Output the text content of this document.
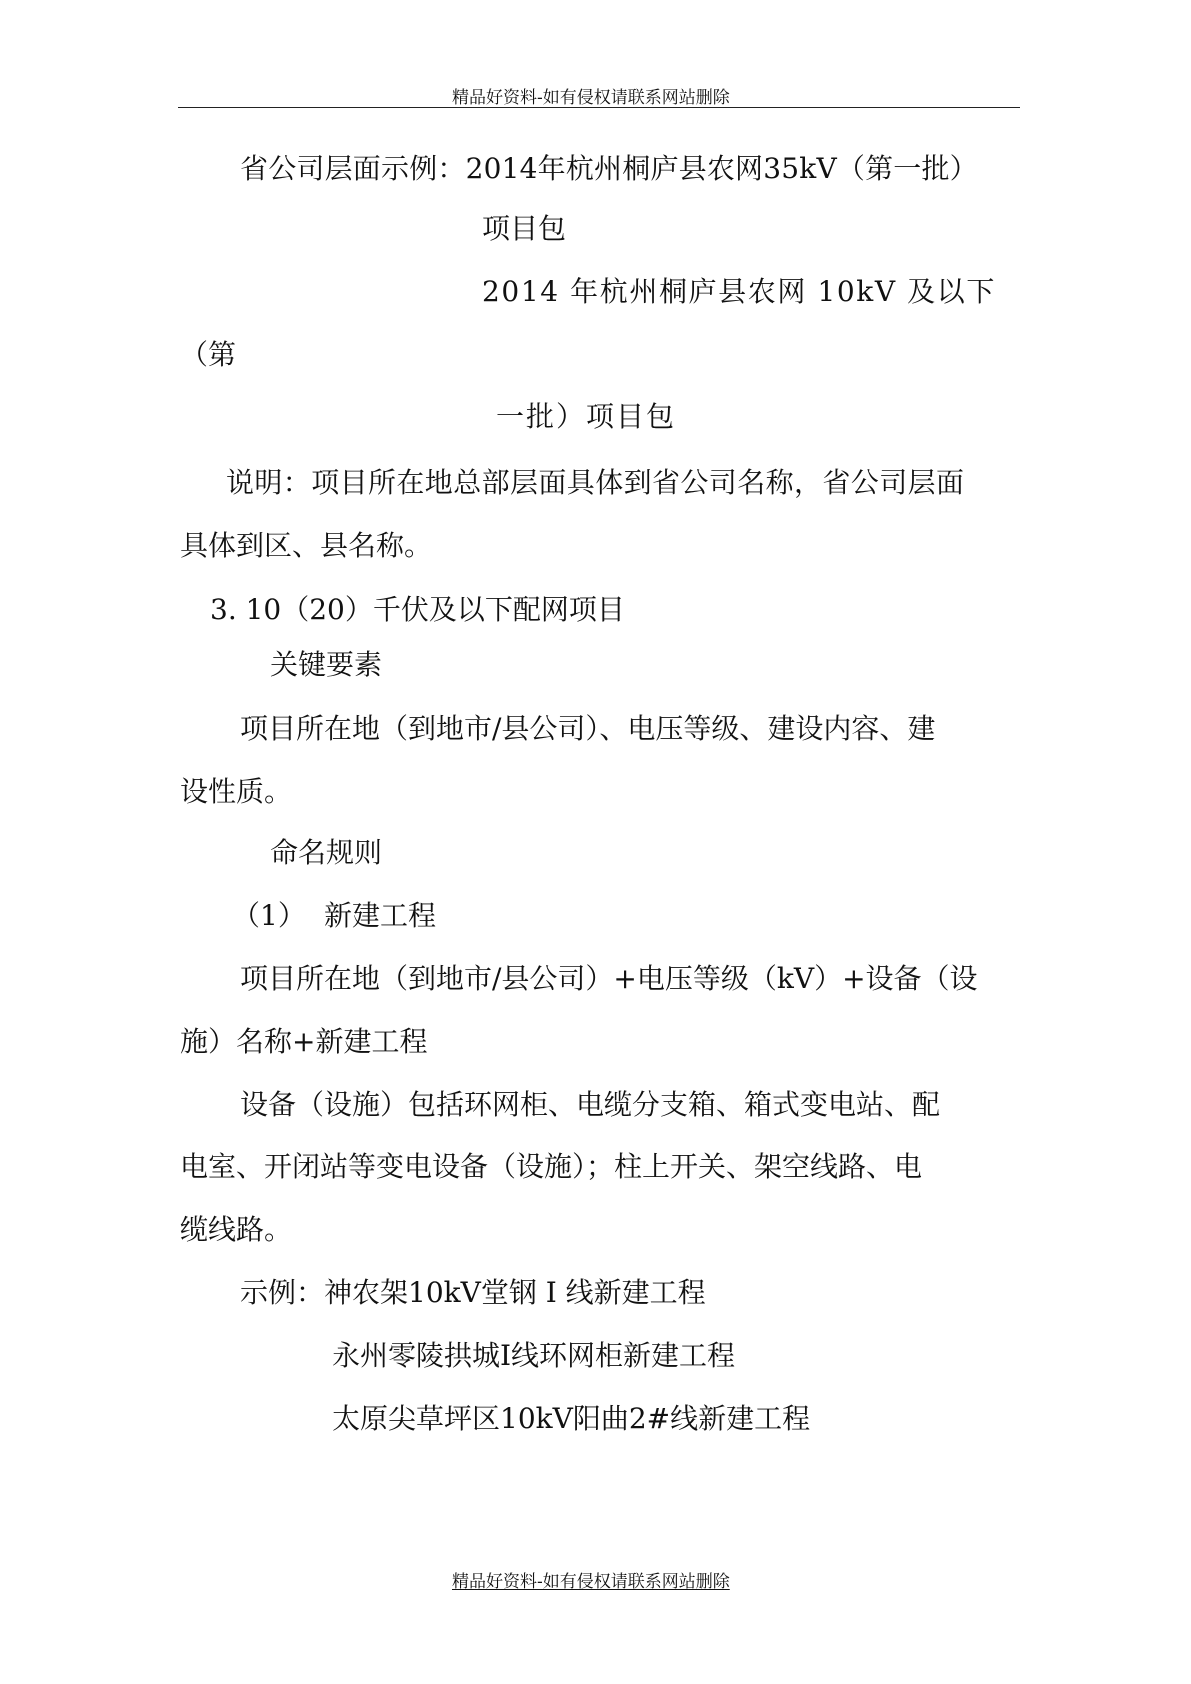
精品好资料-如有侵权请联系网站删除
省公司层面示例：2014年杭州桐庐县农网35kV（第一批）
项目包
2014 年杭州桐庐县农网 10kV 及以下
（第
一批）项目包
说明：项目所在地总部层面具体到省公司名称，省公司层面
具体到区、县名称。
3. 10（20）千伏及以下配网项目
关键要素
项目所在地（到地市/县公司）、电压等级、建设内容、建
设性质。
命名规则
（1） 新建工程
项目所在地（到地市/县公司）+电压等级（kV）+设备（设
施）名称+新建工程
设备（设施）包括环网柜、电缆分支箱、箱式变电站、配
电室、开闭站等变电设备（设施）；柱上开关、架空线路、电
缆线路。
示例：神农架10kV堂钢 I 线新建工程
永州零陵拱城Ⅰ线环网柜新建工程
太原尖草坪区10kV阳曲2#线新建工程
精品好资料-如有侵权请联系网站删除
